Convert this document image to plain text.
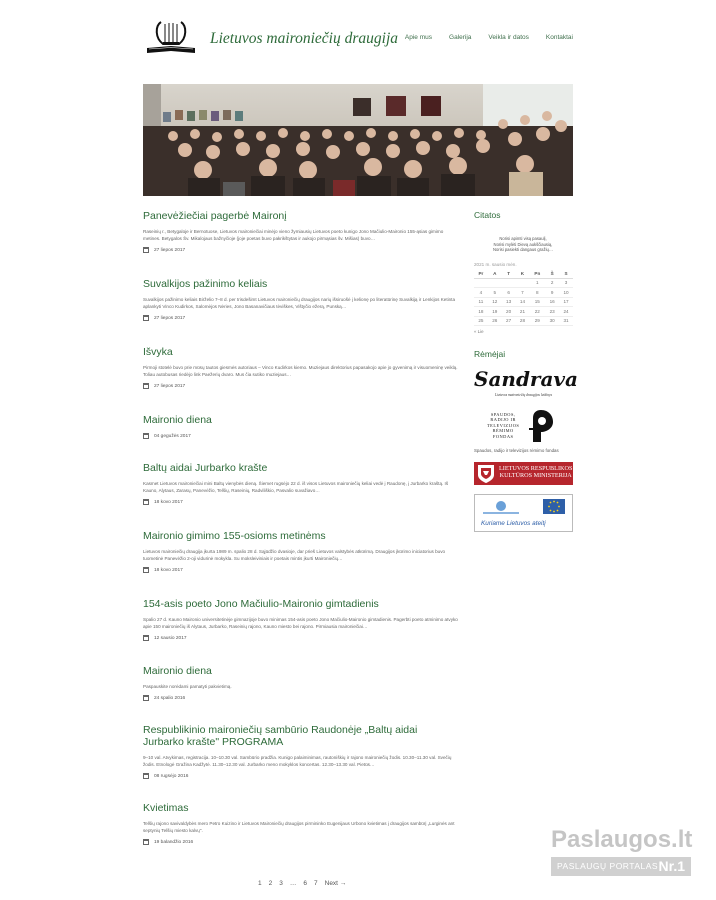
Lietuvos maironiečių draugija Apie mus	Galerija	Veikla ir datos	Kontaktai
Panevėžiečiai pagerbė Maironį

Raseinių r., Betygaloje ir Bernotuose, Lietuvos maironiečiai minėjo vieno žymiausių Lietuvos poeto kunigo Jono Mačiulio-Maironio 155-ąsias gimimo metines. Betygalos Šv. Mikalojaus bažnyčioje (joje poetas buvo pakrikštytas ir aukojo pirmąsias šv. Mišias) buvo…

27 liepos 2017
Suvalkijos pažinimo keliais

Suvalkijos pažinimo keliais Birželio 7–8 d. per trisdešimt Lietuvos maironiečių draugijos narių išsiruošė į kelionę po literatūrinę Suvalkiją ir Lenkijos Ketinta aplankyti Vinco Kudirkos, Salomėjos Nėries, Jono Basanavičiaus tėviškes, Vištyčio ežerą, Punską…

27 liepos 2017
Išvyka

Pirmoji stotelė buvo prie mūsų tautos giesmės autoriaus – Vinco Kudirkos kiemo. Muziejaus direktorius papasakojo apie jo gyvenimą ir visuomeninę veiklą. Toliau autobusas riedėjo link Paežerių dvaro. Mus čia sutiko muziejaus…

27 liepos 2017
Maironio diena
04 gegužės 2017
Baltų aidai Jurbarko krašte

Kasmet Lietuvos maironiečiai mini Baltų vienybės dieną. Šiemet rugsėjo 22 d. iš visos Lietuvos maironiečių keliai vedė į Raudonę, į Jurbarko kraštą. Iš Kauno, Alytaus, Zarasų, Panevėžio, Telšių, Raseinių, Radviliškio, Pasvalio suvažiavo…

18 kovo 2017
Maironio gimimo 155-osioms metinėms

Lietuvos maironiečių draugija įkurta 1989 m. spalio 28 d. Sąjūdžio dvasioje, dar prieš Lietuvos valstybės atkūrimą. Draugijos įkūrimo iniciatorius buvo tuometinė Panevėžio 2-oji vidurinė mokykla. Su moksleiviniais ir poetais mintis įkurti Maironiečių…

18 kovo 2017
154-asis poeto Jono Mačiulio-Maironio gimtadienis

Spalio 27 d. Kauno Maironio universitetinėje gimnazijoje buvo minimas 154-asis poeto Jono Mačiulio-Maironio gimtadienis. Pagerbti poeto atminimo atvyko apie 150 maironiečių iš Alytaus, Jurbarko, Raseinių rajono, Kauno miesto bei rajono. Pirmiausia maironiečiai…

12 sausio 2017
Maironio diena

Paspauskite norėdami pamatyti pakvietimą.

24 spalio 2016
Respublikinio maironiečių sambūrio Raudonėje „Baltų aidai Jurbarko krašte" PROGRAMA

9–10 val. Atvykimas, registracija. 10–10.30 val. Sambūrio pradžia. Kunigo palaiminimas, rautoniškių ir rajono maironiečių žodis. 10.30–11.30 val. Svečių žodis. Etnologė Gražina Kadžytė. 11.30–12.30 val. Jurbarko meno mokyklos koncertas. 12.30–13.30 val. Pietūs…

08 rugsėjo 2016
Kvietimas

Telšių rajono savivaldybės mero Petro Kuizino ir Lietuvos Maironiečių draugijos pirmininko Eugenijaus Urbono kvietimas į draugijos sambūrį „Lurginės ant septynių Telšių miesto kalvų".

19 balandžio 2016
Citatos
Norisi apimti visą pasaulį,
Norisi mylėti Dievą aukščiausią,
Norisi pasiekti dangaus gražių…
2021 m. sausio mėn.
Pr	A	T	K	Pn	Š	S
				1	2	3
4	5	6	7	8	9	10
11	12	13	14	15	16	17
18	19	20	21	22	23	24
25	26	27	28	29	30	31
« Lie
Rėmėjai
Sandrava
Lietuvos maironiečių draugijos leidinys
SPAUDOS,
RADIJO IR
TELEVIZIJOS
RĖMIMO
FONDAS
Spaudos, radijo ir televizijos rėmimo fondas
LIETUVOS RESPUBLIKOS
KULTŪROS MINISTERIJA
Kuriame Lietuvos ateitį
1 2 3 … 6 7 Next →
Paslaugos.lt
PASLAUGŲ PORTALAS Nr.1
